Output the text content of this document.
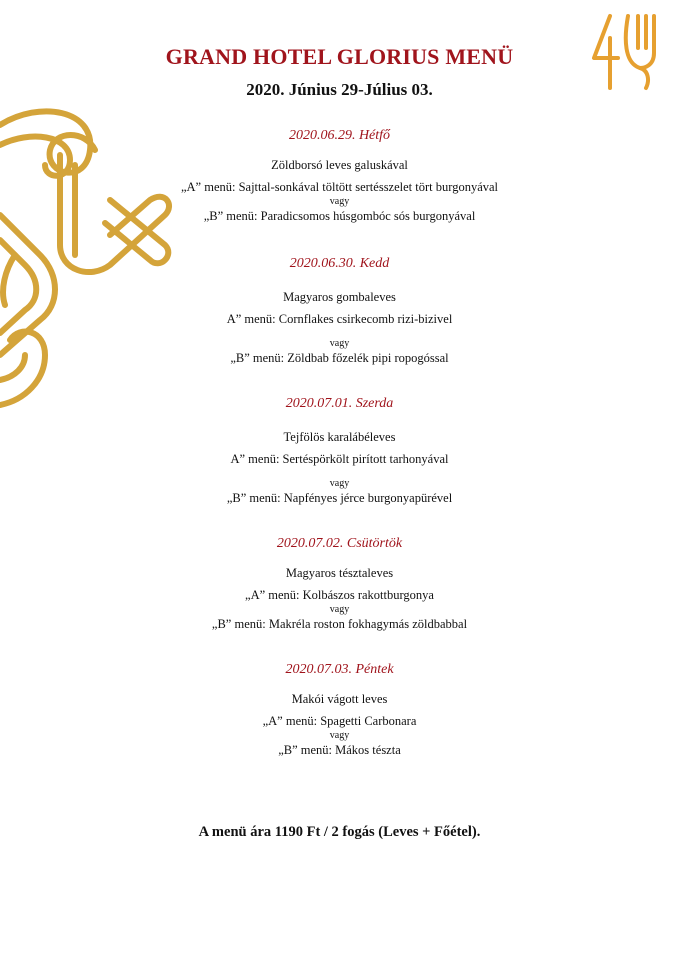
GRAND HOTEL GLORIUS MENÜ
2020. Június 29-Július 03.
2020.06.29. Hétfő
Zöldborsó leves galuskával
„A” menü: Sajttal-sonkával töltött sertésszelet tört burgonyával
vagy
„B” menü: Paradicsomos húsgombóc sós burgonyával
2020.06.30. Kedd
Magyaros gombaleves
A” menü: Cornflakes csirkecomb rizi-bizivel
vagy
„B” menü: Zöldbab főzelék pipi ropogóssal
2020.07.01. Szerda
Tejfölös karalábéleves
A” menü: Sertéspörkölt pirított tarhonyával
vagy
„B” menü: Napfényes jérce burgonyapürével
2020.07.02. Csütörtök
Magyaros tésztaleves
„A” menü: Kolbászos rakottburgonya
vagy
„B” menü: Makréla roston fokhagymás zöldbabbal
2020.07.03. Péntek
Makói vágott leves
„A” menü: Spagetti Carbonara
vagy
„B” menü: Mákos tészta
A menü ára 1190 Ft / 2 fogás (Leves + Főétel).
